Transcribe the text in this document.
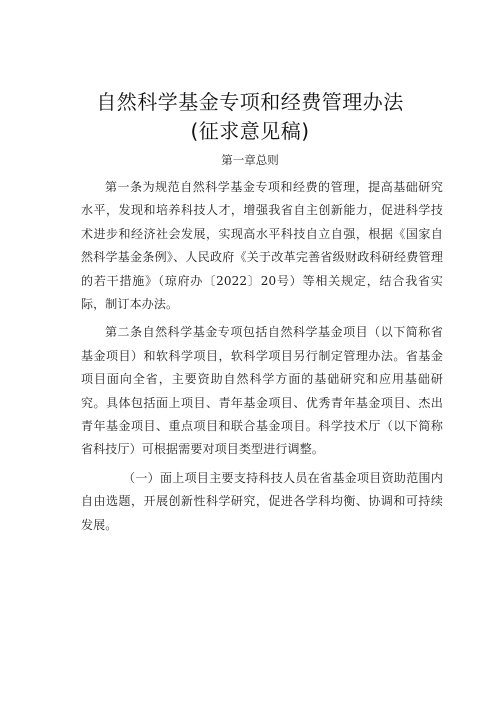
自然科学基金专项和经费管理办法
(征求意见稿)
第一章总则

第一条为规范自然科学基金专项和经费的管理，提高基础研究水平，发现和培养科技人才，增强我省自主创新能力，促进科学技术进步和经济社会发展，实现高水平科技自立自强，根据《国家自然科学基金条例》、人民政府《关于改革完善省级财政科研经费管理的若干措施》（琼府办〔2022〕20号）等相关规定，结合我省实际，制订本办法。

第二条自然科学基金专项包括自然科学基金项目（以下简称省基金项目）和软科学项目，软科学项目另行制定管理办法。省基金项目面向全省，主要资助自然科学方面的基础研究和应用基础研究。具体包括面上项目、青年基金项目、优秀青年基金项目、杰出青年基金项目、重点项目和联合基金项目。科学技术厅（以下简称省科技厅）可根据需要对项目类型进行调整。

（一）面上项目主要支持科技人员在省基金项目资助范围内自由选题，开展创新性科学研究，促进各学科均衡、协调和可持续发展。
